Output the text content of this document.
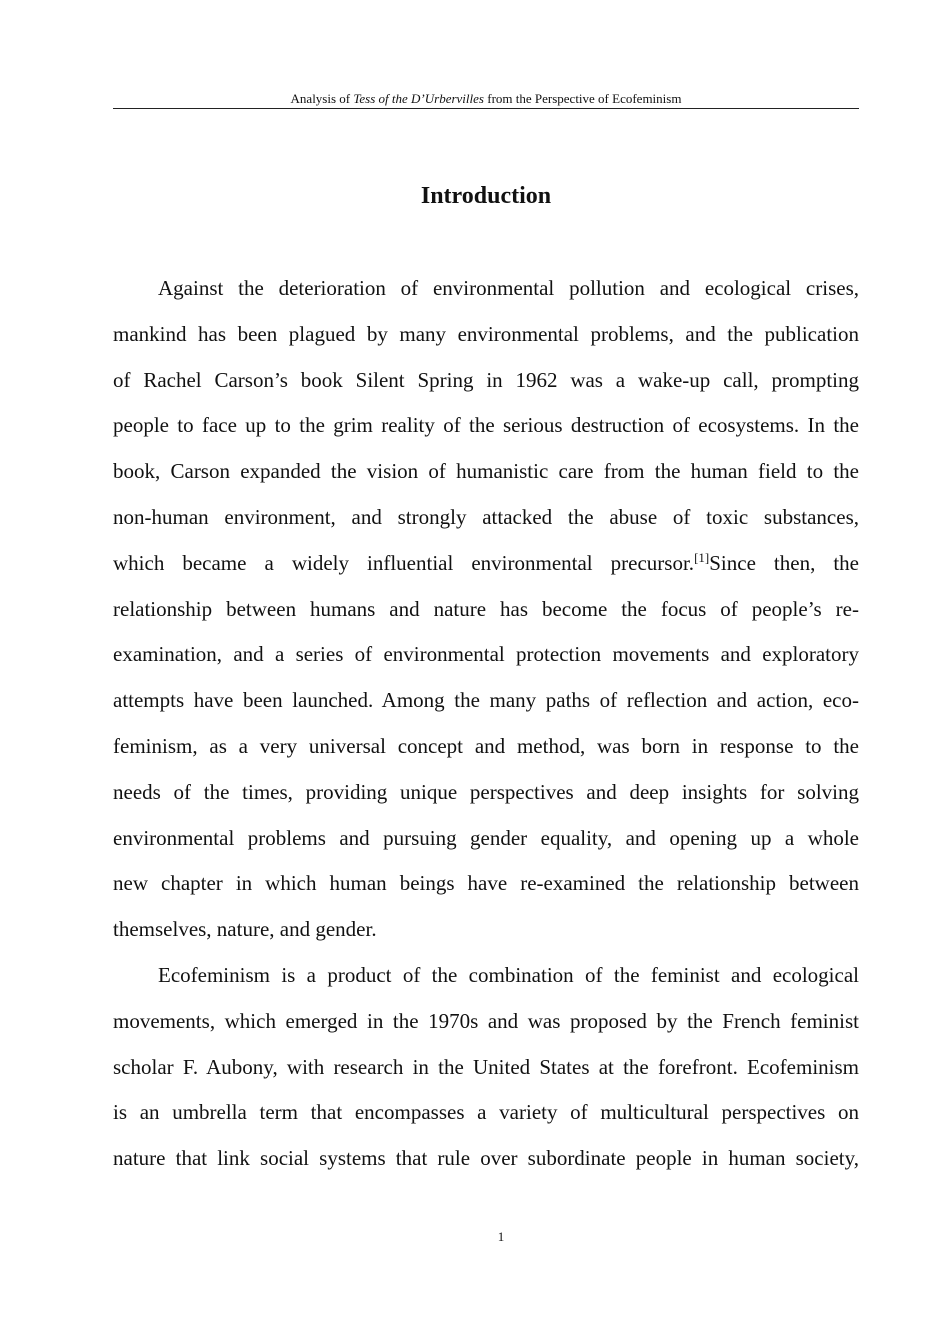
Analysis of Tess of the D’Urbervilles from the Perspective of Ecofeminism
Introduction

Against the deterioration of environmental pollution and ecological crises,
mankind has been plagued by many environmental problems, and the publication
of Rachel Carson’s book Silent Spring in 1962 was a wake-up call, prompting
people to face up to the grim reality of the serious destruction of ecosystems. In the
book, Carson expanded the vision of humanistic care from the human field to the
non-human environment, and strongly attacked the abuse of toxic substances,
which became a widely influential environmental precursor.[1]Since then, the
relationship between humans and nature has become the focus of people’s re-
examination, and a series of environmental protection movements and exploratory
attempts have been launched. Among the many paths of reflection and action, eco-
feminism, as a very universal concept and method, was born in response to the
needs of the times, providing unique perspectives and deep insights for solving
environmental problems and pursuing gender equality, and opening up a whole
new chapter in which human beings have re-examined the relationship between
themselves, nature, and gender.

Ecofeminism is a product of the combination of the feminist and ecological
movements, which emerged in the 1970s and was proposed by the French feminist
scholar F. Aubony, with research in the United States at the forefront. Ecofeminism
is an umbrella term that encompasses a variety of multicultural perspectives on
nature that link social systems that rule over subordinate people in human society,

1
